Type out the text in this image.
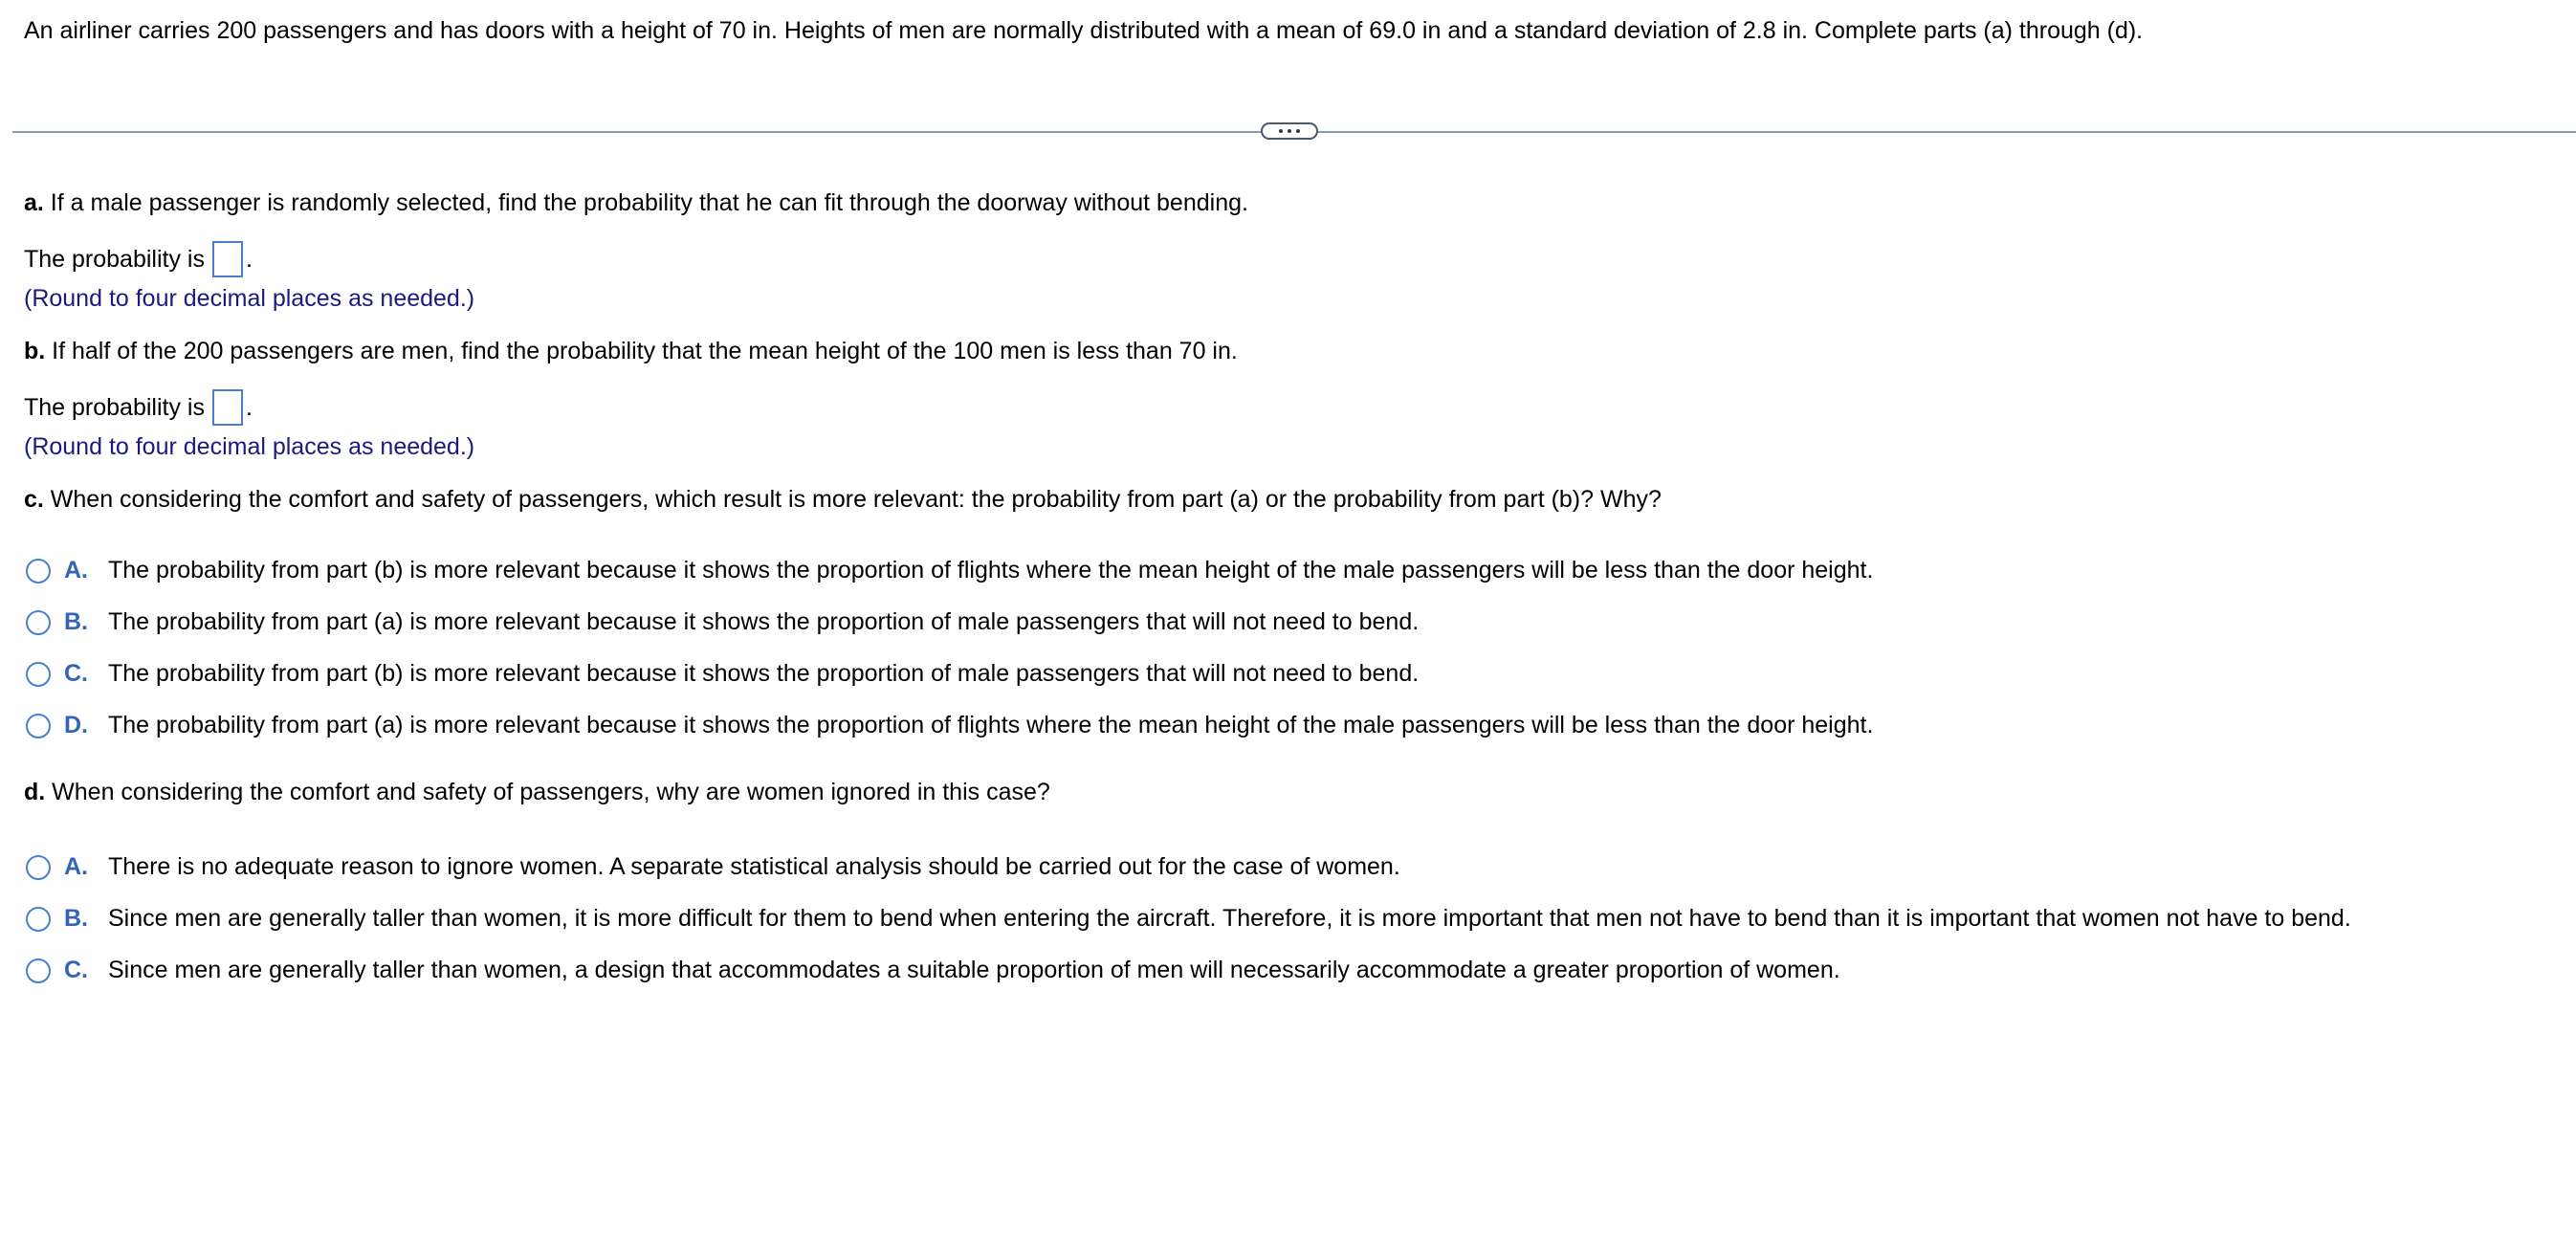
An airliner carries 200 passengers and has doors with a height of 70 in. Heights of men are normally distributed with a mean of 69.0 in and a standard deviation of 2.8 in. Complete parts (a) through (d).
a. If a male passenger is randomly selected, find the probability that he can fit through the doorway without bending.
The probability is .
(Round to four decimal places as needed.)
b. If half of the 200 passengers are men, find the probability that the mean height of the 100 men is less than 70 in.
The probability is .
(Round to four decimal places as needed.)
c. When considering the comfort and safety of passengers, which result is more relevant: the probability from part (a) or the probability from part (b)? Why?
A. The probability from part (b) is more relevant because it shows the proportion of flights where the mean height of the male passengers will be less than the door height.
B. The probability from part (a) is more relevant because it shows the proportion of male passengers that will not need to bend.
C. The probability from part (b) is more relevant because it shows the proportion of male passengers that will not need to bend.
D. The probability from part (a) is more relevant because it shows the proportion of flights where the mean height of the male passengers will be less than the door height.
d. When considering the comfort and safety of passengers, why are women ignored in this case?
A. There is no adequate reason to ignore women. A separate statistical analysis should be carried out for the case of women.
B. Since men are generally taller than women, it is more difficult for them to bend when entering the aircraft. Therefore, it is more important that men not have to bend than it is important that women not have to bend.
C. Since men are generally taller than women, a design that accommodates a suitable proportion of men will necessarily accommodate a greater proportion of women.
